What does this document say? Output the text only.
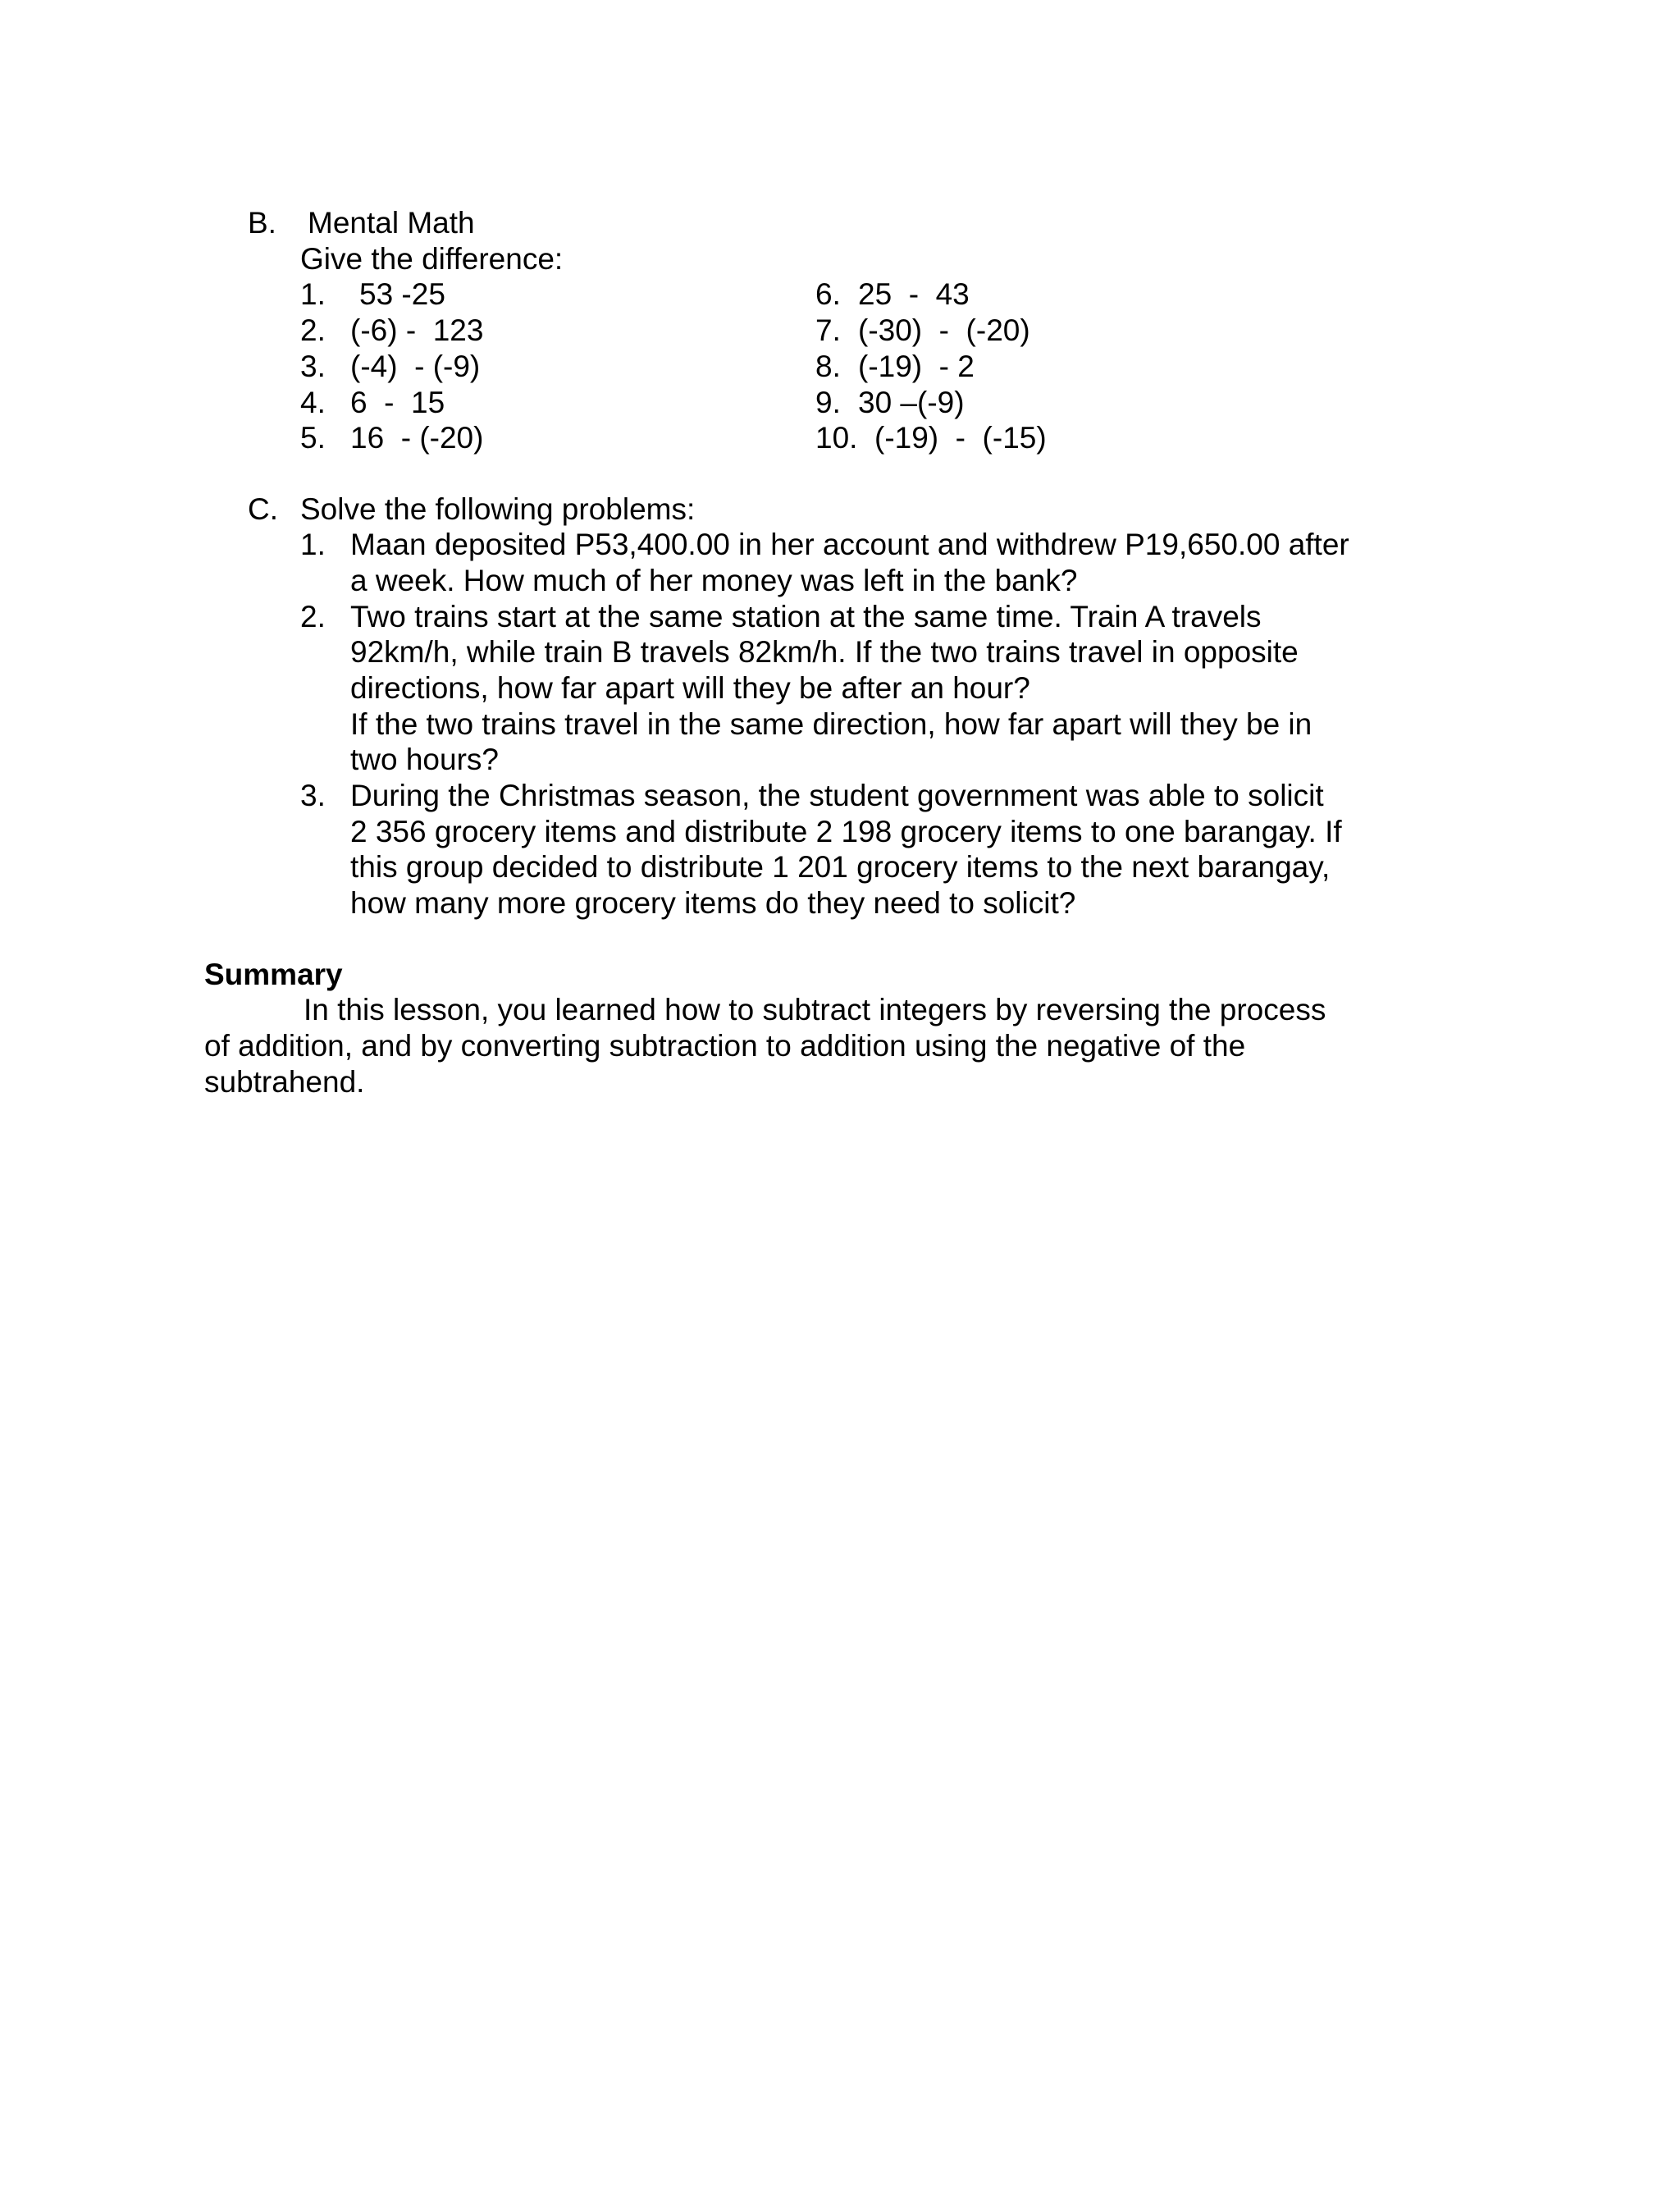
B. Mental Math
Give the difference:
1. 53 -25
2. (-6) -  123
3. (-4)  - (-9)
4. 6  -  15
5. 16  - (-20)
6. 25  -  43
7. (-30)  -  (-20)
8. (-19)  - 2
9. 30 –(-9)
10. (-19)  -  (-15)
C. Solve the following problems:
1. Maan deposited P53,400.00 in her account and withdrew P19,650.00 after
a week. How much of her money was left in the bank?
2. Two trains start at the same station at the same time. Train A travels
92km/h, while train B travels 82km/h. If the two trains travel in opposite
directions, how far apart will they be after an hour?
If the two trains travel in the same direction, how far apart will they be in
two hours?
3. During the Christmas season, the student government was able to solicit
2 356 grocery items and distribute 2 198 grocery items to one barangay. If
this group decided to distribute 1 201 grocery items to the next barangay,
how many more grocery items do they need to solicit?
Summary
In this lesson, you learned how to subtract integers by reversing the process
of addition, and by converting subtraction to addition using the negative of the
subtrahend.
